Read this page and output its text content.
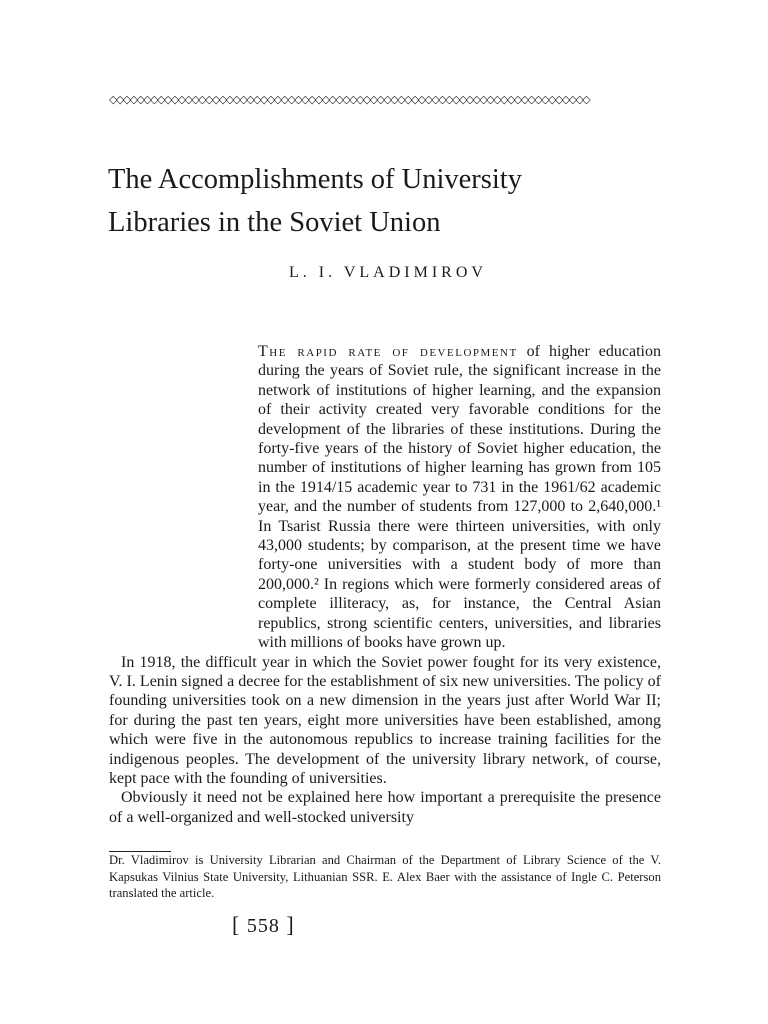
◇◇◇◇◇◇◇◇◇◇◇◇◇◇◇◇◇◇◇◇◇◇◇◇◇◇◇◇◇◇◇◇◇◇◇◇◇◇◇◇◇◇◇◇◇◇◇◇◇◇◇◇◇◇◇◇◇◇◇◇◇◇◇◇◇◇◇◇◇◇
The Accomplishments of University
Libraries in the Soviet Union
L. I. VLADIMIROV

The rapid rate of development of higher education during the years of Soviet rule, the significant increase in the network of institutions of higher learning, and the expansion of their activity created very favorable conditions for the development of the libraries of these institutions. During the forty-five years of the history of Soviet higher education, the number of institutions of higher learning has grown from 105 in the 1914/15 academic year to 731 in the 1961/62 academic year, and the number of students from 127,000 to 2,640,000.¹ In Tsarist Russia there were thirteen universities, with only 43,000 students; by comparison, at the present time we have forty-one universities with a student body of more than 200,000.² In regions which were formerly considered areas of complete illiteracy, as, for instance, the Central Asian republics, strong scientific centers, universities, and libraries with millions of books have grown up.

In 1918, the difficult year in which the Soviet power fought for its very existence, V. I. Lenin signed a decree for the establishment of six new universities. The policy of founding universities took on a new dimension in the years just after World War II; for during the past ten years, eight more universities have been established, among which were five in the autonomous republics to increase training facilities for the indigenous peoples. The development of the university library network, of course, kept pace with the founding of universities.

Obviously it need not be explained here how important a prerequisite the presence of a well-organized and well-stocked university

Dr. Vladimirov is University Librarian and Chairman of the Department of Library Science of the V. Kapsukas Vilnius State University, Lithuanian SSR. E. Alex Baer with the assistance of Ingle C. Peterson translated the article.
[ 558 ]
